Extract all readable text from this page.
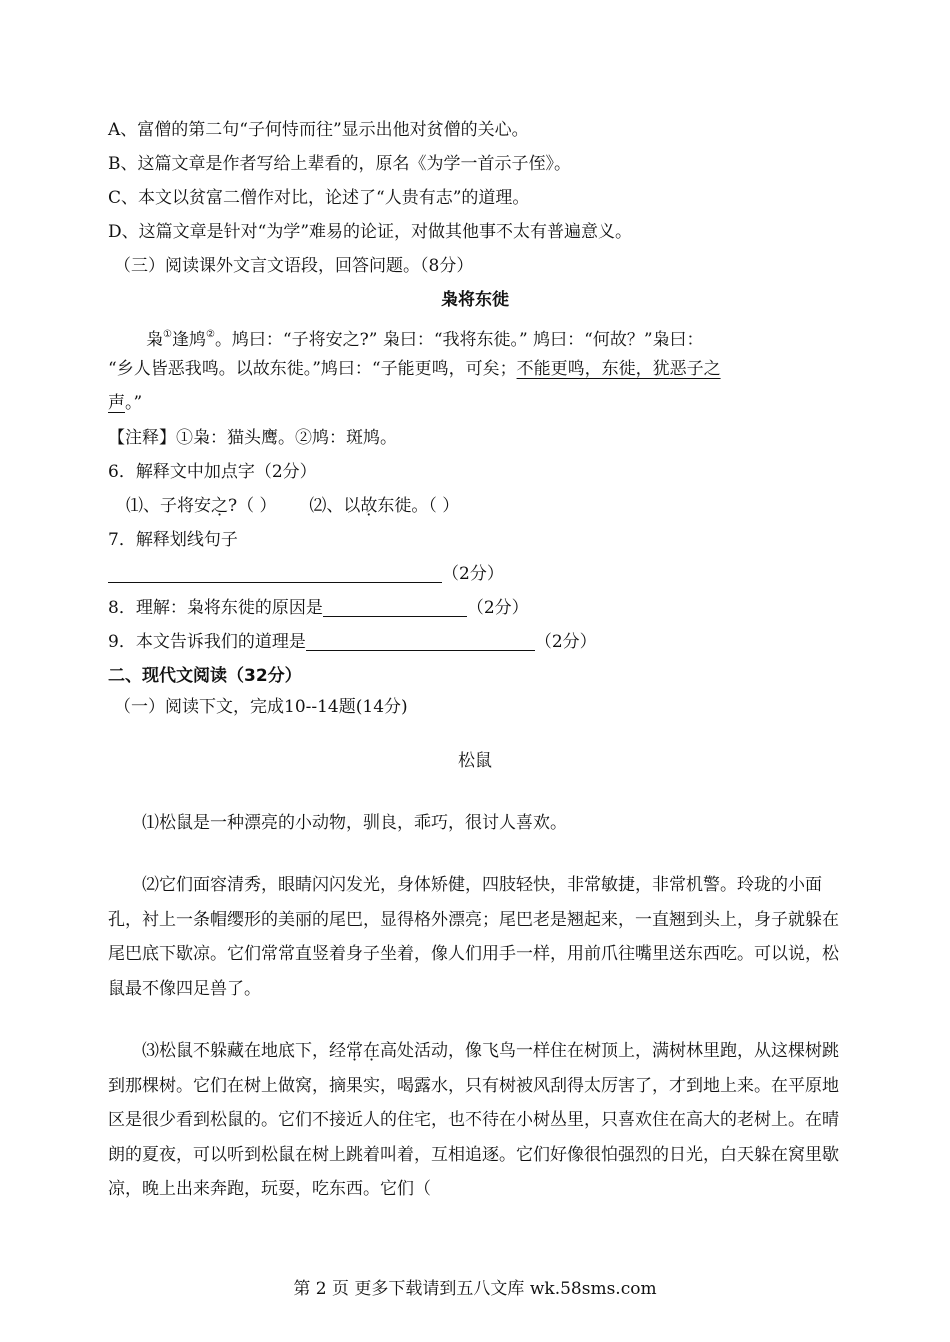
A、富僧的第二句“子何恃而往”显示出他对贫僧的关心。
B、这篇文章是作者写给上辈看的，原名《为学一首示子侄》。
C、本文以贫富二僧作对比，论述了“人贵有志”的道理。
D、这篇文章是针对“为学”难易的论证，对做其他事不太有普遍意义。
（三）阅读课外文言文语段，回答问题。（8分）
枭将东徙
枭①逢鸠②。鸠曰：“子将安之?” 枭曰：“我将东徙。” 鸠曰：“何故？”枭曰：
“乡人皆恶我鸣。以故东徙。”鸠曰：“子能更鸣，可矣；不能更鸣，东徙，犹恶子之
声。”
【注释】①枭：猫头鹰。②鸠：斑鸠。
6．解释文中加点字（2分）
⑴、子将安之?（ ） ⑵、以故东徙。（ ）
7．解释划线句子
（2分）
8．理解：枭将东徙的原因是	（2分）
9．本文告诉我们的道理是	（2分）
二、现代文阅读（32分）
（一）阅读下文，完成10--14题(14分)
松鼠
⑴松鼠是一种漂亮的小动物，驯良，乖巧，很讨人喜欢。
⑵它们面容清秀，眼睛闪闪发光，身体矫健，四肢轻快，非常敏捷，非常机警。玲珑的小面孔，衬上一条帽缨形的美丽的尾巴，显得格外漂亮；尾巴老是翘起来，一直翘到头上，身子就躲在尾巴底下歇凉。它们常常直竖着身子坐着，像人们用手一样，用前爪往嘴里送东西吃。可以说，松鼠最不像四足兽了。
⑶松鼠不躲藏在地底下，经常在高处活动，像飞鸟一样住在树顶上，满树林里跑，从这棵树跳到那棵树。它们在树上做窝，摘果实，喝露水，只有树被风刮得太厉害了，才到地上来。在平原地区是很少看到松鼠的。它们不接近人的住宅，也不待在小树丛里，只喜欢住在高大的老树上。在晴朗的夏夜，可以听到松鼠在树上跳着叫着，互相追逐。它们好像很怕强烈的日光，白天躲在窝里歇凉，晚上出来奔跑，玩耍，吃东西。它们（
第 2 页 更多下载请到五八文库 wk.58sms.com
